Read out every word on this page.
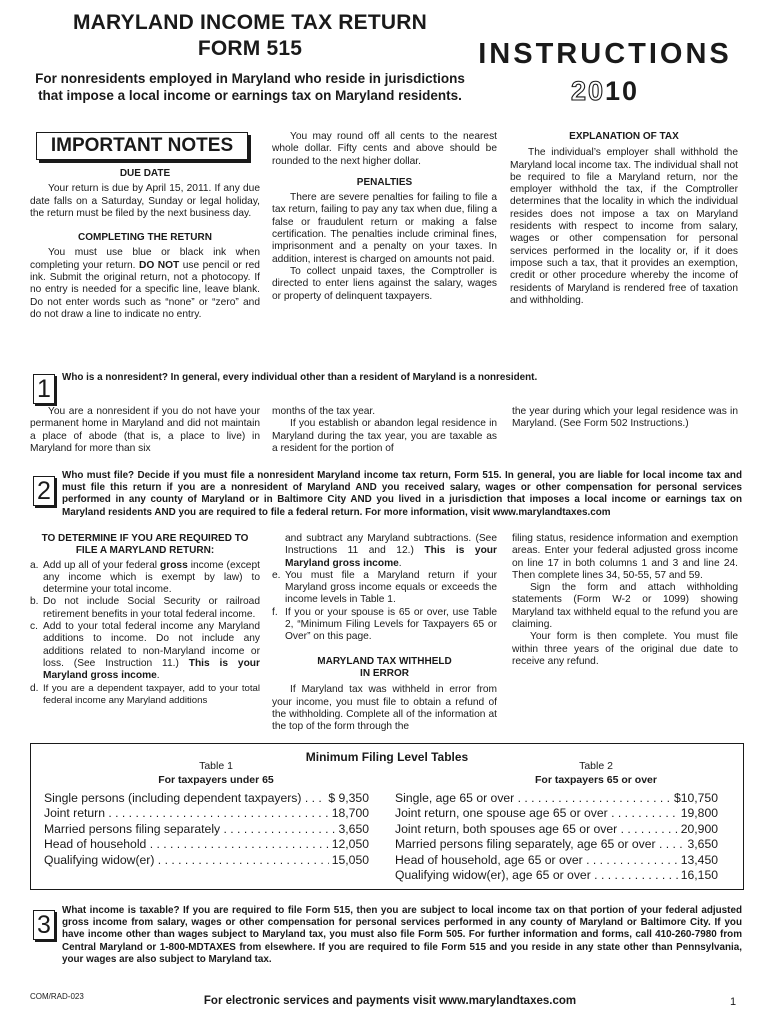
MARYLAND INCOME TAX RETURN
FORM 515
For nonresidents employed in Maryland who reside in jurisdictions that impose a local income or earnings tax on Maryland residents.
INSTRUCTIONS
2010
IMPORTANT NOTES

DUE DATE

Your return is due by April 15, 2011. If any due date falls on a Saturday, Sunday or legal holiday, the return must be filed by the next business day.

COMPLETING THE RETURN

You must use blue or black ink when completing your return. DO NOT use pencil or red ink. Submit the original return, not a photocopy. If no entry is needed for a specific line, leave blank. Do not enter words such as “none” or “zero” and do not draw a line to indicate no entry.

You may round off all cents to the nearest whole dollar. Fifty cents and above should be rounded to the next higher dollar.

PENALTIES

There are severe penalties for failing to file a tax return, failing to pay any tax when due, filing a false or fraudulent return or making a false certification. The penalties include criminal fines, imprisonment and a penalty on your taxes. In addition, interest is charged on amounts not paid.

To collect unpaid taxes, the Comptroller is directed to enter liens against the salary, wages or property of delinquent taxpayers.

EXPLANATION OF TAX

The individual’s employer shall withhold the Maryland local income tax. The individual shall not be required to file a Maryland return, nor the employer withhold the tax, if the Comptroller determines that the locality in which the individual resides does not impose a tax on Maryland residents with respect to income from salary, wages or other compensation for personal services performed in the locality or, if it does impose such a tax, that it provides an exemption, credit or other procedure whereby the income of residents of Maryland is rendered free of taxation and withholding.

1	Who is a nonresident? In general, every individual other than a resident of Maryland is a nonresident.
You are a nonresident if you do not have your permanent home in Maryland and did not maintain a place of abode (that is, a place to live) in Maryland for more than six

months of the tax year.

If you establish or abandon legal residence in Maryland during the tax year, you are taxable as a resident for the portion of

the year during which your legal residence was in Maryland. (See Form 502 Instructions.)
2
Who must file? Decide if you must file a nonresident Maryland income tax return, Form 515. In general, you are liable for local income tax and must file this return if you are a nonresident of Maryland AND you received salary, wages or other compensation for personal services performed in any county of Maryland or in Baltimore City AND you lived in a jurisdiction that imposes a local income or earnings tax on Maryland residents AND you are required to file a federal return. For more information, visit www.marylandtaxes.com

TO DETERMINE IF YOU ARE REQUIRED TO FILE A MARYLAND RETURN:

a. Add up all of your federal gross income (except any income which is exempt by law) to determine your total income.
b. Do not include Social Security or railroad retirement benefits in your total federal income.
c. Add to your total federal income any Maryland additions to income. Do not include any additions related to non-Maryland income or loss. (See Instruction 11.) This is your Maryland gross income.
d. If you are a dependent taxpayer, add to your total federal income any Maryland additions

and subtract any Maryland subtractions. (See Instructions 11 and 12.) This is your Maryland gross income.

e. You must file a Maryland return if your Maryland gross income equals or exceeds the income levels in Table 1.
f. If you or your spouse is 65 or over, use Table 2, “Minimum Filing Levels for Taxpayers 65 or Over” on this page.

MARYLAND TAX WITHHELD IN ERROR

If Maryland tax was withheld in error from your income, you must file to obtain a refund of the withholding. Complete all of the information at the top of the form through the

filing status, residence information and exemption areas. Enter your federal adjusted gross income on line 17 in both columns 1 and 3 and line 24. Then complete lines 34, 50-55, 57 and 59.

Sign the form and attach withholding statements (Form W-2 or 1099) showing Maryland tax withheld equal to the refund you are claiming.

Your form is then complete. You must file within three years of the original due date to receive any refund.

Minimum Filing Level Tables
Table 1
For taxpayers under 65
Single persons (including dependent taxpayers) . . .	$ 9,350
Joint return . . .	18,700
Married persons filing separately . . .	3,650
Head of household . . .	12,050
Qualifying widow(er) . . .	15,050
Table 2
For taxpayers 65 or over
Single, age 65 or over . . .	$10,750
Joint return, one spouse age 65 or over . . .	19,800
Joint return, both spouses age 65 or over . . .	20,900
Married persons filing separately, age 65 or over . . .	3,650
Head of household, age 65 or over . . .	13,450
Qualifying widow(er), age 65 or over . . .	16,150
3
What income is taxable? If you are required to file Form 515, then you are subject to local income tax on that portion of your federal adjusted gross income from salary, wages or other compensation for personal services performed in any county of Maryland or Baltimore City. If you have income other than wages subject to Maryland tax, you must also file Form 505. For further information and forms, call 410-260-7980 from Central Maryland or 1-800-MDTAXES from elsewhere. If you are required to file Form 515 and you reside in any state other than Pennsylvania, your wages are also subject to Maryland tax.
COM/RAD-023	For electronic services and payments visit www.marylandtaxes.com	1
